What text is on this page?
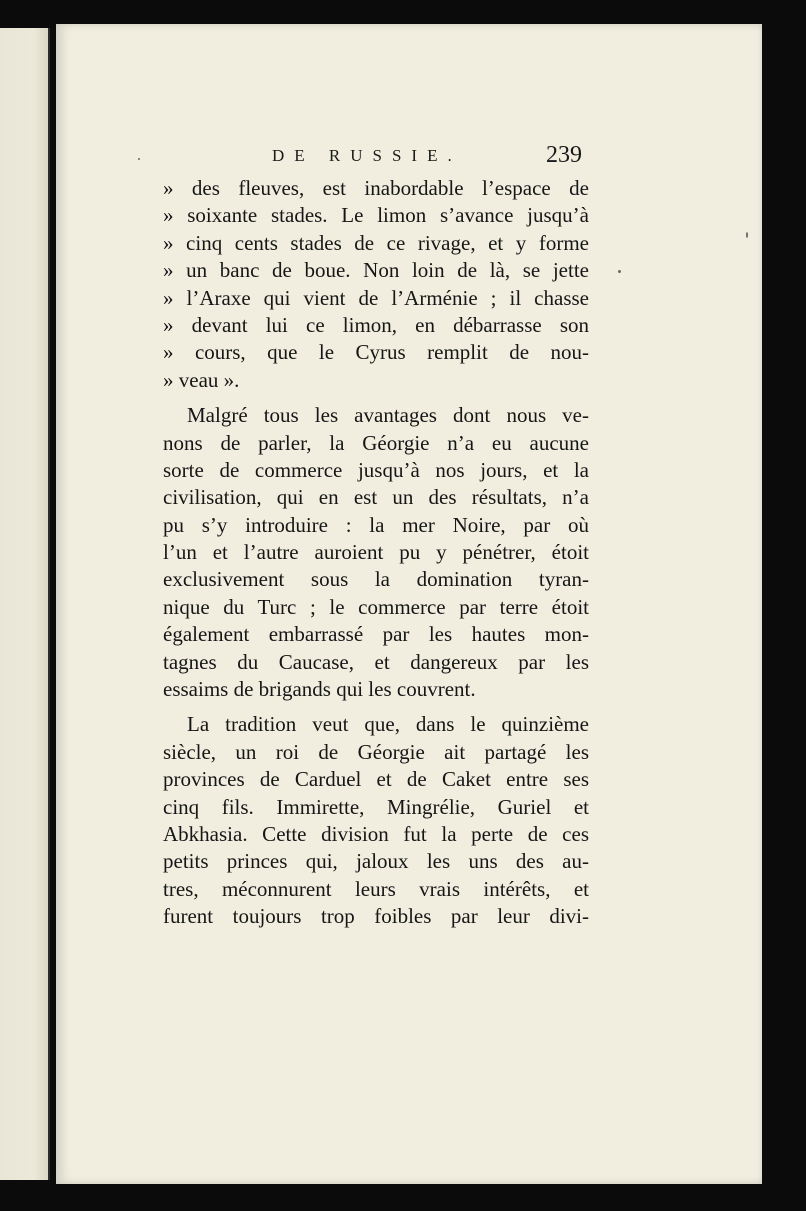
DE RUSSIE.	239
» des fleuves, est inabordable l’espace de
» soixante stades. Le limon s’avance jusqu’à
» cinq cents stades de ce rivage, et y forme
» un banc de boue. Non loin de là, se jette
» l’Araxe qui vient de l’Arménie ; il chasse
» devant lui ce limon, en débarrasse son
» cours, que le Cyrus remplit de nou-
» veau ».
Malgré tous les avantages dont nous ve-
nons de parler, la Géorgie n’a eu aucune
sorte de commerce jusqu’à nos jours, et la
civilisation, qui en est un des résultats, n’a
pu s’y introduire : la mer Noire, par où
l’un et l’autre auroient pu y pénétrer, étoit
exclusivement sous la domination tyran-
nique du Turc ; le commerce par terre étoit
également embarrassé par les hautes mon-
tagnes du Caucase, et dangereux par les
essaims de brigands qui les couvrent.
La tradition veut que, dans le quinzième
siècle, un roi de Géorgie ait partagé les
provinces de Carduel et de Caket entre ses
cinq fils. Immirette, Mingrélie, Guriel et
Abkhasia. Cette division fut la perte de ces
petits princes qui, jaloux les uns des au-
tres, méconnurent leurs vrais intérêts, et
furent toujours trop foibles par leur divi-
